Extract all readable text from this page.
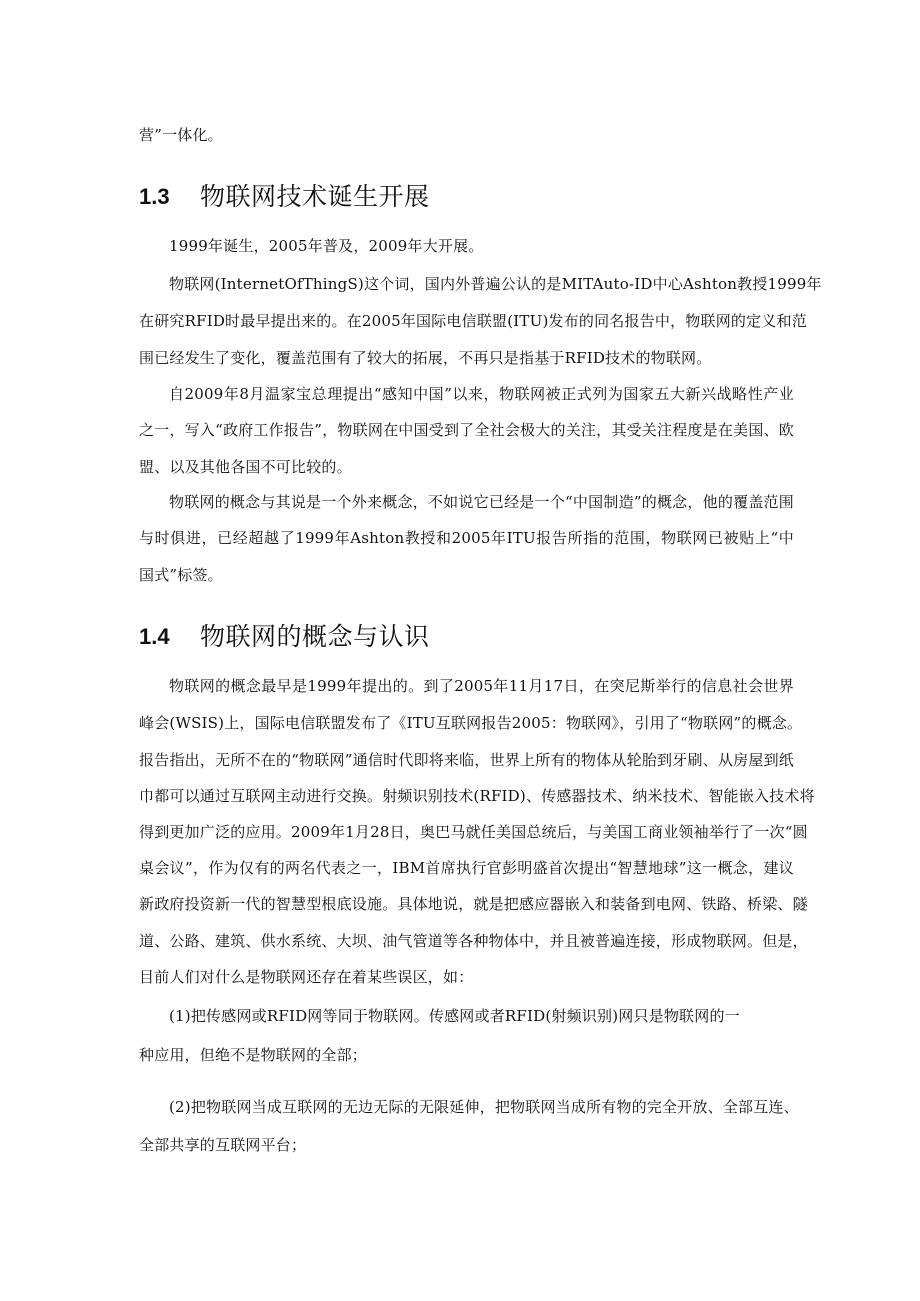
营”一体化。
1.3 物联网技术诞生开展
1999年诞生，2005年普及，2009年大开展。
物联网(InternetOfThingS)这个词，国内外普遍公认的是MITAuto-ID中心Ashton教授1999年
在研究RFID时最早提出来的。在2005年国际电信联盟(ITU)发布的同名报告中，物联网的定义和范
围已经发生了变化，覆盖范围有了较大的拓展，不再只是指基于RFID技术的物联网。
自2009年8月温家宝总理提出“感知中国”以来，物联网被正式列为国家五大新兴战略性产业
之一，写入“政府工作报告”，物联网在中国受到了全社会极大的关注，其受关注程度是在美国、欧
盟、以及其他各国不可比较的。
物联网的概念与其说是一个外来概念，不如说它已经是一个“中国制造”的概念，他的覆盖范围
与时俱进，已经超越了1999年Ashton教授和2005年ITU报告所指的范围，物联网已被贴上“中
国式”标签。
1.4 物联网的概念与认识
物联网的概念最早是1999年提出的。到了2005年11月17日，在突尼斯举行的信息社会世界
峰会(WSIS)上，国际电信联盟发布了《ITU互联网报告2005：物联网》，引用了“物联网”的概念。
报告指出，无所不在的“物联网”通信时代即将来临，世界上所有的物体从轮胎到牙刷、从房屋到纸
巾都可以通过互联网主动进行交换。射频识别技术(RFID)、传感器技术、纳米技术、智能嵌入技术将
得到更加广泛的应用。2009年1月28日，奥巴马就任美国总统后，与美国工商业领袖举行了一次“圆
桌会议”，作为仅有的两名代表之一，IBM首席执行官彭明盛首次提出“智慧地球”这一概念，建议
新政府投资新一代的智慧型根底设施。具体地说，就是把感应器嵌入和装备到电网、铁路、桥梁、隧
道、公路、建筑、供水系统、大坝、油气管道等各种物体中，并且被普遍连接，形成物联网。但是，
目前人们对什么是物联网还存在着某些误区，如：
(1)把传感网或RFID网等同于物联网。传感网或者RFID(射频识别)网只是物联网的一
种应用，但绝不是物联网的全部；
(2)把物联网当成互联网的无边无际的无限延伸，把物联网当成所有物的完全开放、全部互连、
全部共享的互联网平台；
